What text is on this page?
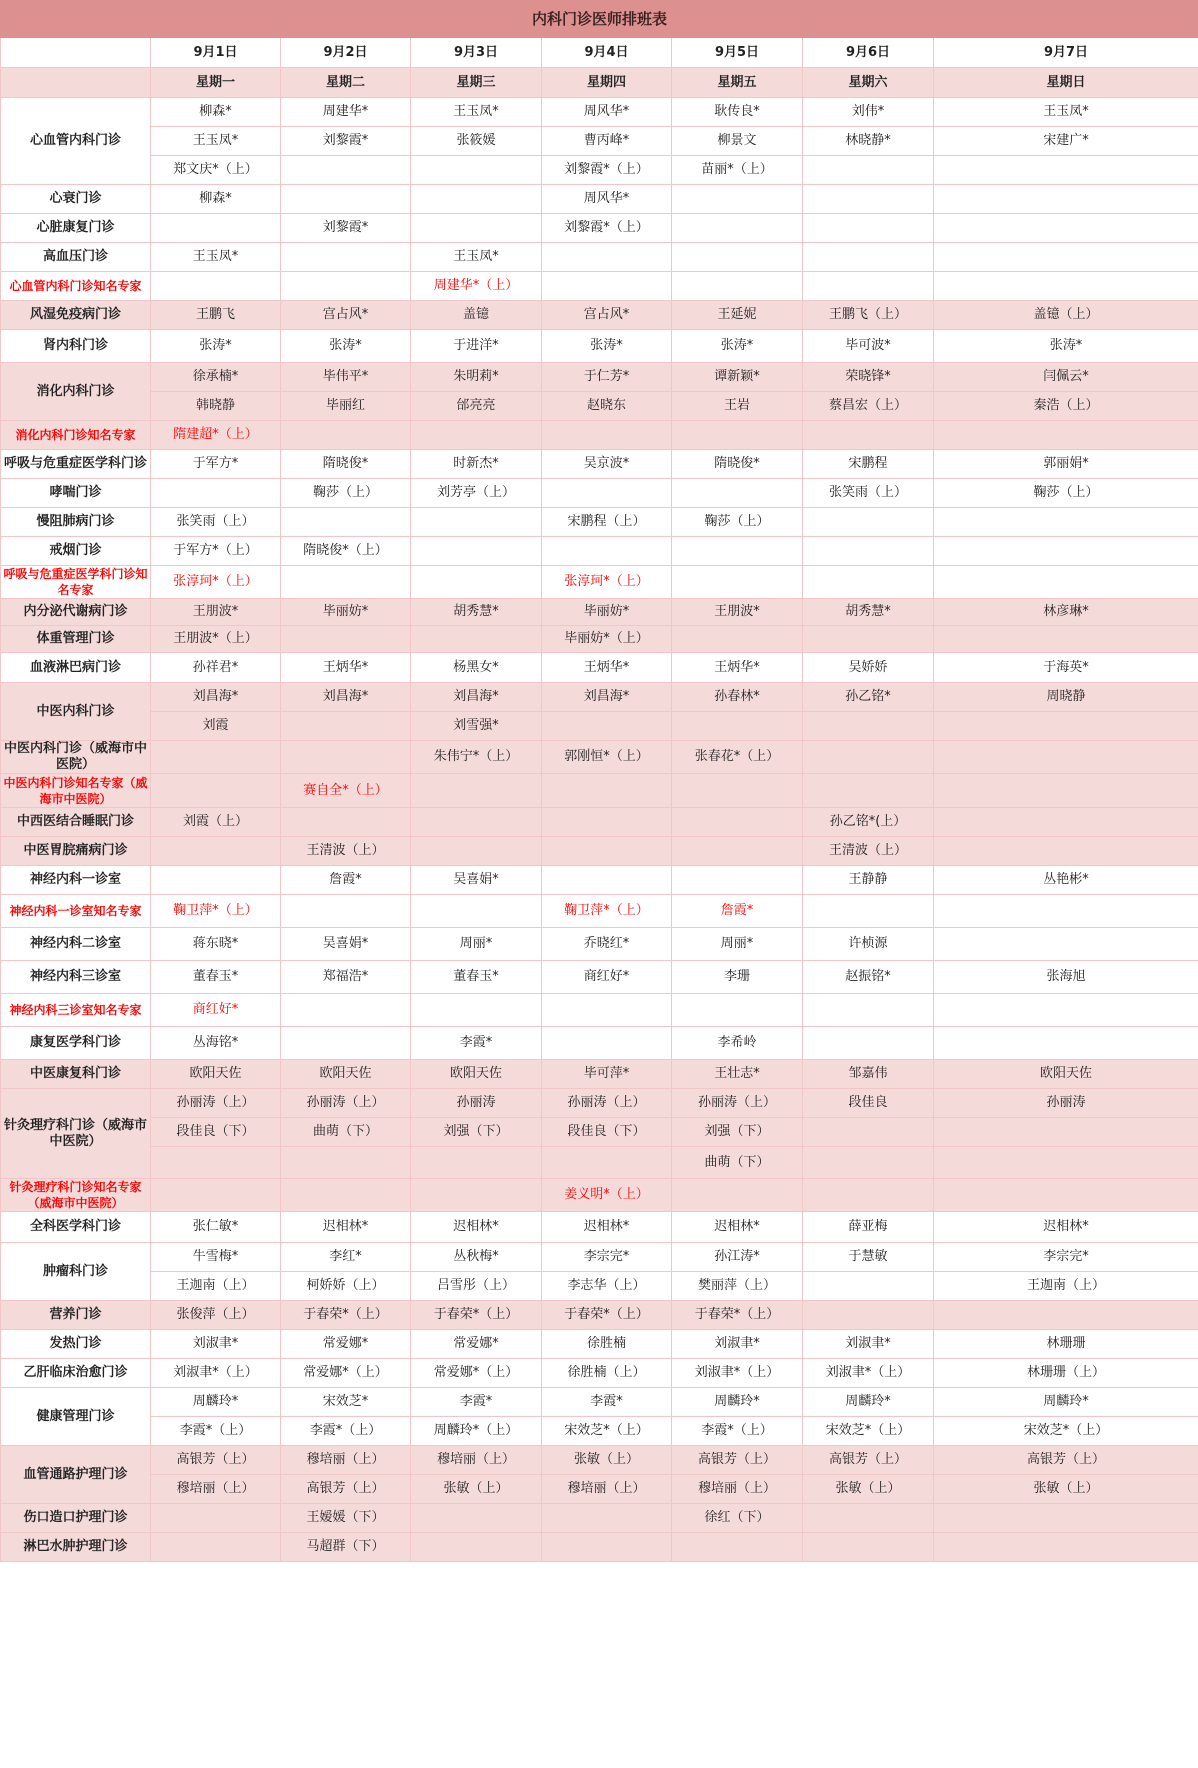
内科门诊医师排班表							
	9月1日	9月2日	9月3日	9月4日	9月5日	9月6日	9月7日
	星期一	星期二	星期三	星期四	星期五	星期六	星期日
心血管内科门诊	柳森*	周建华*	王玉凤*	周风华*	耿传良*	刘伟*	王玉凤*
	王玉凤*	刘黎霞*	张筱媛	曹丙峰*	柳景文	林晓静*	宋建广*
	郑文庆*（上）			刘黎霞*（上）	苗丽*（上）		
心衰门诊	柳森*			周风华*			
心脏康复门诊		刘黎霞*		刘黎霞*（上）			
高血压门诊	王玉凤*		王玉凤*				
心血管内科门诊知名专家			周建华*（上）				
风湿免疫病门诊	王鹏飞	宫占风*	盖镱	宫占风*	王延妮	王鹏飞（上）	盖镱（上）
肾内科门诊	张涛*	张涛*	于进洋*	张涛*	张涛*	毕可波*	张涛*
消化内科门诊	徐承楠*	毕伟平*	朱明莉*	于仁芳*	谭新颖*	荣晓锋*	闫佩云*
	韩晓静	毕丽红	邰亮亮	赵晓东	王岩	蔡昌宏（上）	秦浩（上）
消化内科门诊知名专家	隋建超*（上）						
呼吸与危重症医学科门诊	于军方*	隋晓俊*	时新杰*	吴京波*	隋晓俊*	宋鹏程	郭丽娟*
哮喘门诊		鞠莎（上）	刘芳亭（上）			张笑雨（上）	鞠莎（上）
慢阻肺病门诊	张笑雨（上）			宋鹏程（上）	鞠莎（上）		
戒烟门诊	于军方*（上）	隋晓俊*（上）					
呼吸与危重症医学科门诊知名专家	张淳珂*（上）			张淳珂*（上）			
内分泌代谢病门诊	王朋波*	毕丽妨*	胡秀慧*	毕丽妨*	王朋波*	胡秀慧*	林彦琳*
体重管理门诊	王朋波*（上）			毕丽妨*（上）			
血液淋巴病门诊	孙祥君*	王炳华*	杨黑女*	王炳华*	王炳华*	吴娇娇	于海英*
中医内科门诊	刘昌海*	刘昌海*	刘昌海*	刘昌海*	孙春林*	孙乙铭*	周晓静
	刘霞		刘雪强*				
中医内科门诊（威海市中医院）			朱伟宁*（上）	郭刚恒*（上）	张春花*（上）		
中医内科门诊知名专家（威海市中医院）		赛自全*（上）					
中西医结合睡眠门诊	刘霞（上）					孙乙铭*(上）	
中医胃脘痛病门诊		王清波（上）				王清波（上）	
神经内科一诊室		詹霞*	吴喜娟*			王静静	丛艳彬*
神经内科一诊室知名专家	鞠卫萍*（上）			鞠卫萍*（上）	詹霞*		
神经内科二诊室	蒋东晓*	吴喜娟*	周丽*	乔晓红*	周丽*	许桢源	
神经内科三诊室	董春玉*	郑福浩*	董春玉*	商红好*	李珊	赵振铭*	张海旭
神经内科三诊室知名专家	商红好*						
康复医学科门诊	丛海铭*		李霞*		李希岭		
中医康复科门诊	欧阳天佐	欧阳天佐	欧阳天佐	毕可萍*	王壮志*	邹嘉伟	欧阳天佐
针灸理疗科门诊（威海市中医院）	孙丽涛（上）	孙丽涛（上）	孙丽涛	孙丽涛（上）	孙丽涛（上）	段佳良	孙丽涛
	段佳良（下）	曲萌（下）	刘强（下）	段佳良（下）	刘强（下）		
					曲萌（下）		
针灸理疗科门诊知名专家（威海市中医院）				姜义明*（上）			
全科医学科门诊	张仁敏*	迟相林*	迟相林*	迟相林*	迟相林*	薛亚梅	迟相林*
肿瘤科门诊	牛雪梅*	李红*	丛秋梅*	李宗完*	孙江涛*	于慧敏	李宗完*
	王迦南（上）	柯娇娇（上）	吕雪彤（上）	李志华（上）	樊丽萍（上）		王迦南（上）
营养门诊	张俊萍（上）	于春荣*（上）	于春荣*（上）	于春荣*（上）	于春荣*（上）		
发热门诊	刘淑聿*	常爱娜*	常爱娜*	徐胜楠	刘淑聿*	刘淑聿*	林珊珊
乙肝临床治愈门诊	刘淑聿*（上）	常爱娜*（上）	常爱娜*（上）	徐胜楠（上）	刘淑聿*（上）	刘淑聿*（上）	林珊珊（上）
健康管理门诊	周麟玲*	宋效芝*	李霞*	李霞*	周麟玲*	周麟玲*	周麟玲*
	李霞*（上）	李霞*（上）	周麟玲*（上）	宋效芝*（上）	李霞*（上）	宋效芝*（上）	宋效芝*（上）
血管通路护理门诊	高银芳（上）	穆培丽（上）	穆培丽（上）	张敏（上）	高银芳（上）	高银芳（上）	高银芳（上）
	穆培丽（上）	高银芳（上）	张敏（上）	穆培丽（上）	穆培丽（上）	张敏（上）	张敏（上）
伤口造口护理门诊		王嫒媛（下）			徐红（下）		
淋巴水肿护理门诊		马超群（下）					
